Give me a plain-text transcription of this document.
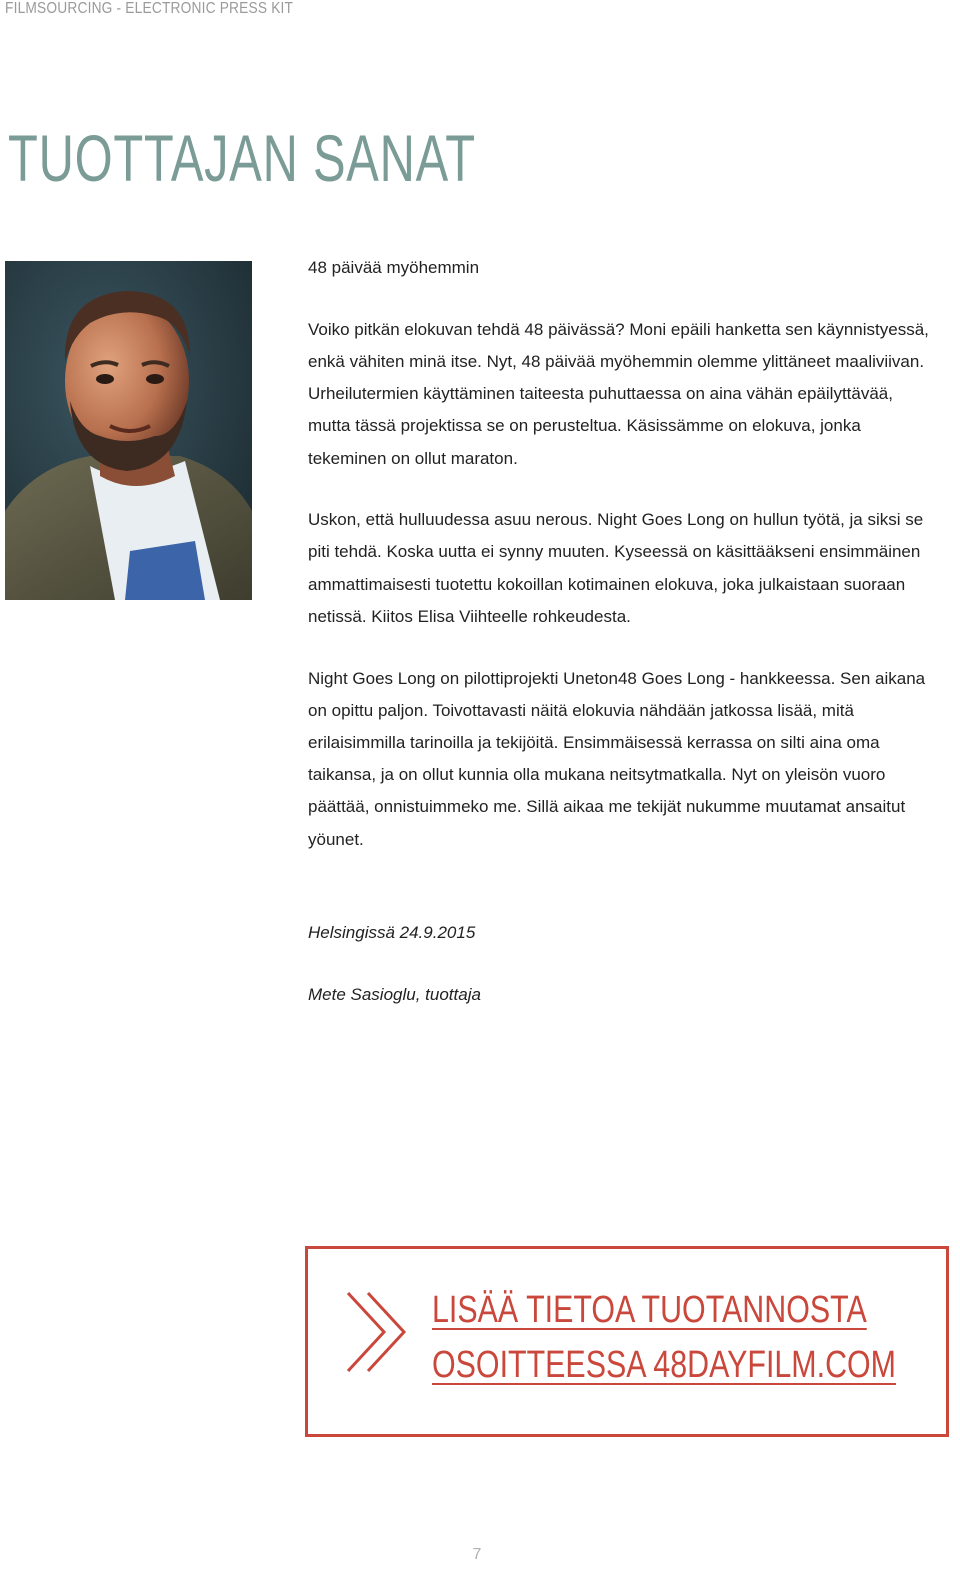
FILMSOURCING - ELECTRONIC PRESS KIT
TUOTTAJAN SANAT

48 päivää myöhemmin

Voiko pitkän elokuvan tehdä 48 päivässä? Moni epäili hanketta sen käynnistyessä, enkä vähiten minä itse. Nyt, 48 päivää myöhemmin olemme ylittäneet maaliviivan. Urheilutermien käyttäminen taiteesta puhuttaessa on aina vähän epäilyttävää, mutta tässä projektissa se on perusteltua. Käsissämme on elokuva, jonka tekeminen on ollut maraton.

Uskon, että hulluudessa asuu nerous. Night Goes Long on hullun työtä, ja siksi se piti tehdä. Koska uutta ei synny muuten. Kyseessä on käsittääkseni ensimmäinen ammattimaisesti tuotettu kokoillan kotimainen elokuva, joka julkaistaan suoraan netissä. Kiitos Elisa Viihteelle rohkeudesta.

Night Goes Long on pilottiprojekti Uneton48 Goes Long - hankkeessa. Sen aikana on opittu paljon. Toivottavasti näitä elokuvia nähdään jatkossa lisää, mitä erilaisimmilla tarinoilla ja tekijöitä. Ensimmäisessä kerrassa on silti aina oma taikansa, ja on ollut kunnia olla mukana neitsytmatkalla. Nyt on yleisön vuoro päättää, onnistuimmeko me. Sillä aikaa me tekijät nukumme muutamat ansaitut yöunet.

Helsingissä 24.9.2015
Mete Sasioglu, tuottaja
LISÄÄ TIETOA TUOTANNOSTA
OSOITTEESSA 48DAYFILM.COM
7
